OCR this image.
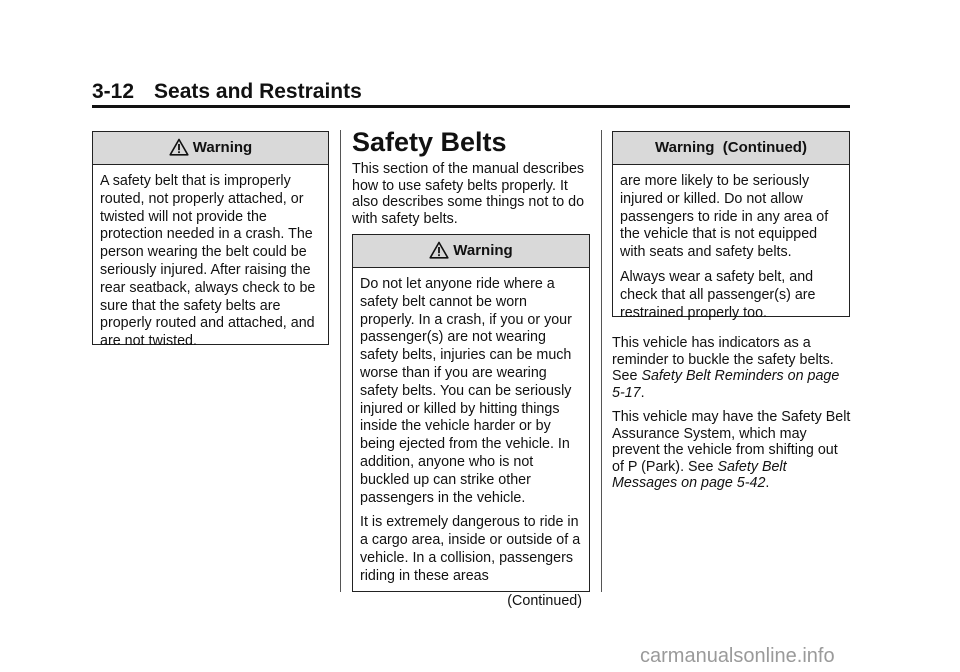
3-12 Seats and Restraints
Warning

A safety belt that is improperly routed, not properly attached, or twisted will not provide the protection needed in a crash. The person wearing the belt could be seriously injured. After raising the rear seatback, always check to be sure that the safety belts are properly routed and attached, and are not twisted.

Safety Belts

This section of the manual describes how to use safety belts properly. It also describes some things not to do with safety belts.

Warning

Do not let anyone ride where a safety belt cannot be worn properly. In a crash, if you or your passenger(s) are not wearing safety belts, injuries can be much worse than if you are wearing safety belts. You can be seriously injured or killed by hitting things inside the vehicle harder or by being ejected from the vehicle. In addition, anyone who is not buckled up can strike other passengers in the vehicle.

It is extremely dangerous to ride in a cargo area, inside or outside of a vehicle. In a collision, passengers riding in these areas

(Continued)
Warning  (Continued)

are more likely to be seriously injured or killed. Do not allow passengers to ride in any area of the vehicle that is not equipped with seats and safety belts.

Always wear a safety belt, and check that all passenger(s) are restrained properly too.

This vehicle has indicators as a reminder to buckle the safety belts. See Safety Belt Reminders on page 5-17.

This vehicle may have the Safety Belt Assurance System, which may prevent the vehicle from shifting out of P (Park). See Safety Belt Messages on page 5-42.

carmanualsonline.info
